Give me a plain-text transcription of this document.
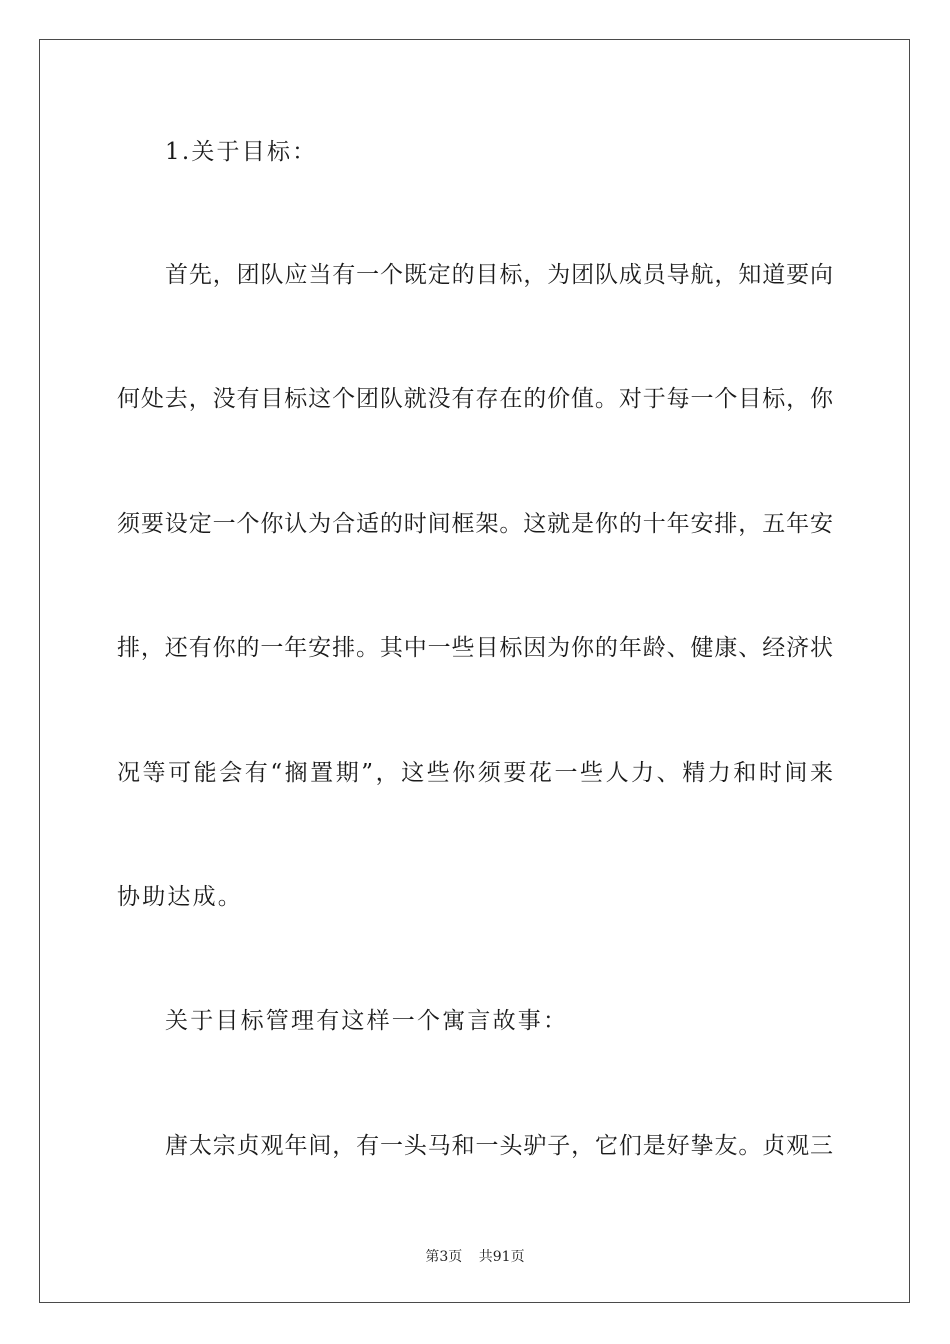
1.关于目标：
首先，团队应当有一个既定的目标，为团队成员导航，知道要向
何处去，没有目标这个团队就没有存在的价值。对于每一个目标，你
须要设定一个你认为合适的时间框架。这就是你的十年安排，五年安
排，还有你的一年安排。其中一些目标因为你的年龄、健康、经济状
况等可能会有“搁置期”，这些你须要花一些人力、精力和时间来
协助达成。
关于目标管理有这样一个寓言故事：
唐太宗贞观年间，有一头马和一头驴子，它们是好挚友。贞观三
第3页 共91页
